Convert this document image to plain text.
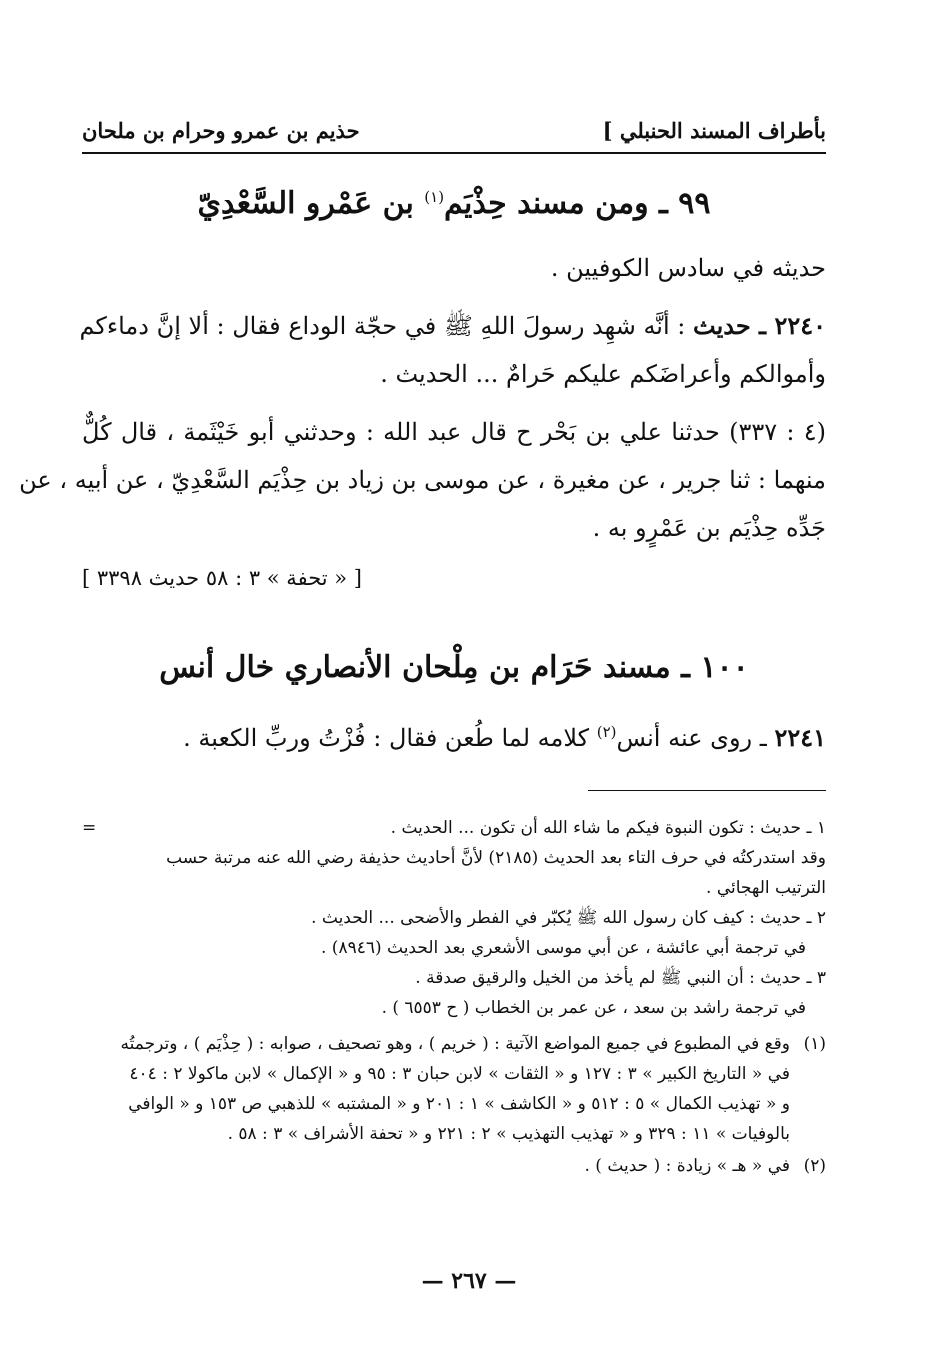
بأطراف المسند الحنبلي ]
حذيم بن عمرو وحرام بن ملحان
٩٩ ـ ومن مسند حِذْيَم$^{(١)}$ بن عَمْرو السَّعْدِيّ
حديثه في سادس الكوفيين .
٢٢٤٠ ـ حديث : أنَّه شهِد رسولَ اللهِ ﷺ في حجّة الوداع فقال : ألا إنَّ دماءكم
وأموالكم وأعراضَكم عليكم حَرامٌ ... الحديث .
(٤ : ٣٣٧) حدثنا علي بن بَحْر ح قال عبد الله : وحدثني أبو خَيْثَمة ، قال كُلٌّ
منهما : ثنا جرير ، عن مغيرة ، عن موسى بن زياد بن حِذْيَم السَّعْدِيّ ، عن أبيه ، عن
جَدِّه حِذْيَم بن عَمْرٍو به .
[ « تحفة » ٣ : ٥٨ حديث ٣٣٩٨ ]
١٠٠ ـ مسند حَرَام بن مِلْحان الأنصاري خال أنس
٢٢٤١ ـ روى عنه أنس$^{(٢)}$ كلامه لما طُعن فقال : فُزْتُ وربِّ الكعبة .
=	١ ـ حديث : تكون النبوة فيكم ما شاء الله أن تكون ... الحديث .
وقد استدركتُه في حرف التاء بعد الحديث (٢١٨٥) لأنَّ أحاديث حذيفة رضي الله عنه مرتبة حسب
الترتيب الهجائي .
٢ ـ حديث : كيف كان رسول الله ﷺ يُكبّر في الفطر والأضحى ... الحديث .
في ترجمة أبي عائشة ، عن أبي موسى الأشعري بعد الحديث (٨٩٤٦) .
٣ ـ حديث : أن النبي ﷺ لم يأخذ من الخيل والرقيق صدقة .
في ترجمة راشد بن سعد ، عن عمر بن الخطاب ( ح ٦٥٥٣ ) .
(١)
وقع في المطبوع في جميع المواضع الآتية : ( خريم ) ، وهو تصحيف ، صوابه : ( حِذْيَم ) ، وترجمتُه
في « التاريخ الكبير » ٣ : ١٢٧ و « الثقات » لابن حبان ٣ : ٩٥ و « الإكمال » لابن ماكولا ٢ : ٤٠٤
و « تهذيب الكمال » ٥ : ٥١٢ و « الكاشف » ١ : ٢٠١ و « المشتبه » للذهبي ص ١٥٣ و « الوافي
بالوفيات » ١١ : ٣٢٩ و « تهذيب التهذيب » ٢ : ٢٢١ و « تحفة الأشراف » ٣ : ٥٨ .
(٢)
في « هـ » زيادة : ( حديث ) .
— ٢٦٧ —
